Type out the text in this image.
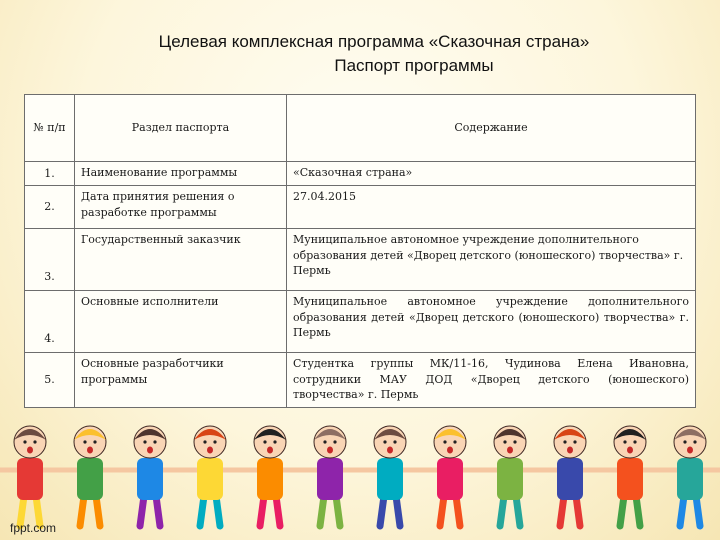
Целевая комплексная программа «Сказочная страна»
Паспорт программы
№ п/п	Раздел паспорта	Содержание
1.	Наименование программы	«Сказочная страна»
2.	Дата принятия решения о разработке программы	27.04.2015
3.	Государственный заказчик	Муниципальное автономное учреждение дополнительного образования детей «Дворец детского (юношеского) творчества» г. Пермь
4.	Основные исполнители	Муниципальное автономное учреждение дополнительного образования детей «Дворец детского (юношеского) творчества» г. Пермь
5.	Основные разработчики программы	Студентка группы МК/11-16, Чудинова Елена Ивановна, сотрудники МАУ ДОД «Дворец детского (юношеского) творчества» г. Пермь
fppt.com
